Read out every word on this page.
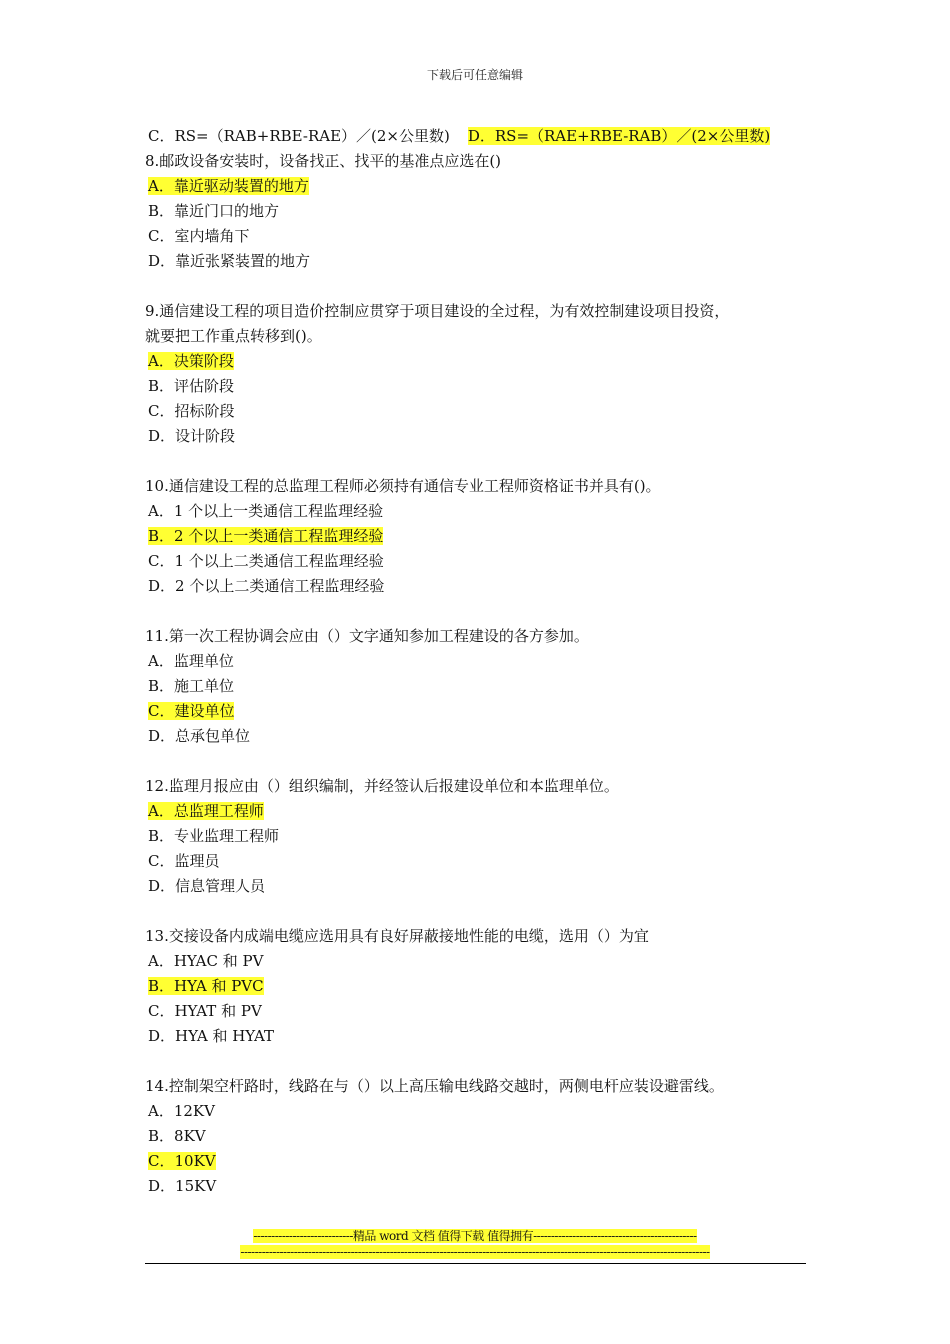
下载后可任意编辑
C．RS=（RAB+RBE-RAE）／(2×公里数) D．RS=（RAE+RBE-RAB）／(2×公里数)
8.邮政设备安装时，设备找正、找平的基准点应选在()
A．靠近驱动装置的地方
B．靠近门口的地方
C．室内墙角下
D．靠近张紧装置的地方
9.通信建设工程的项目造价控制应贯穿于项目建设的全过程，为有效控制建设项目投资，
就要把工作重点转移到()。
A．决策阶段
B．评估阶段
C．招标阶段
D．设计阶段
10.通信建设工程的总监理工程师必须持有通信专业工程师资格证书并具有()。
A．1 个以上一类通信工程监理经验
B．2 个以上一类通信工程监理经验
C．1 个以上二类通信工程监理经验
D．2 个以上二类通信工程监理经验
11.第一次工程协调会应由（）文字通知参加工程建设的各方参加。
A．监理单位
B．施工单位
C．建设单位
D．总承包单位
12.监理月报应由（）组织编制，并经签认后报建设单位和本监理单位。
A．总监理工程师
B．专业监理工程师
C．监理员
D．信息管理人员
13.交接设备内成端电缆应选用具有良好屏蔽接地性能的电缆，选用（）为宜
A．HYAC 和 PV
B．HYA 和 PVC
C．HYAT 和 PV
D．HYA 和 HYAT
14.控制架空杆路时，线路在与（）以上高压输电线路交越时，两侧电杆应装设避雷线。
A．12KV
B．8KV
C．10KV
D．15KV
----------------------------精品 word 文档 值得下载 值得拥有----------------------------------------------
------------------------------------------------------------------------------------------------------------------------------------
